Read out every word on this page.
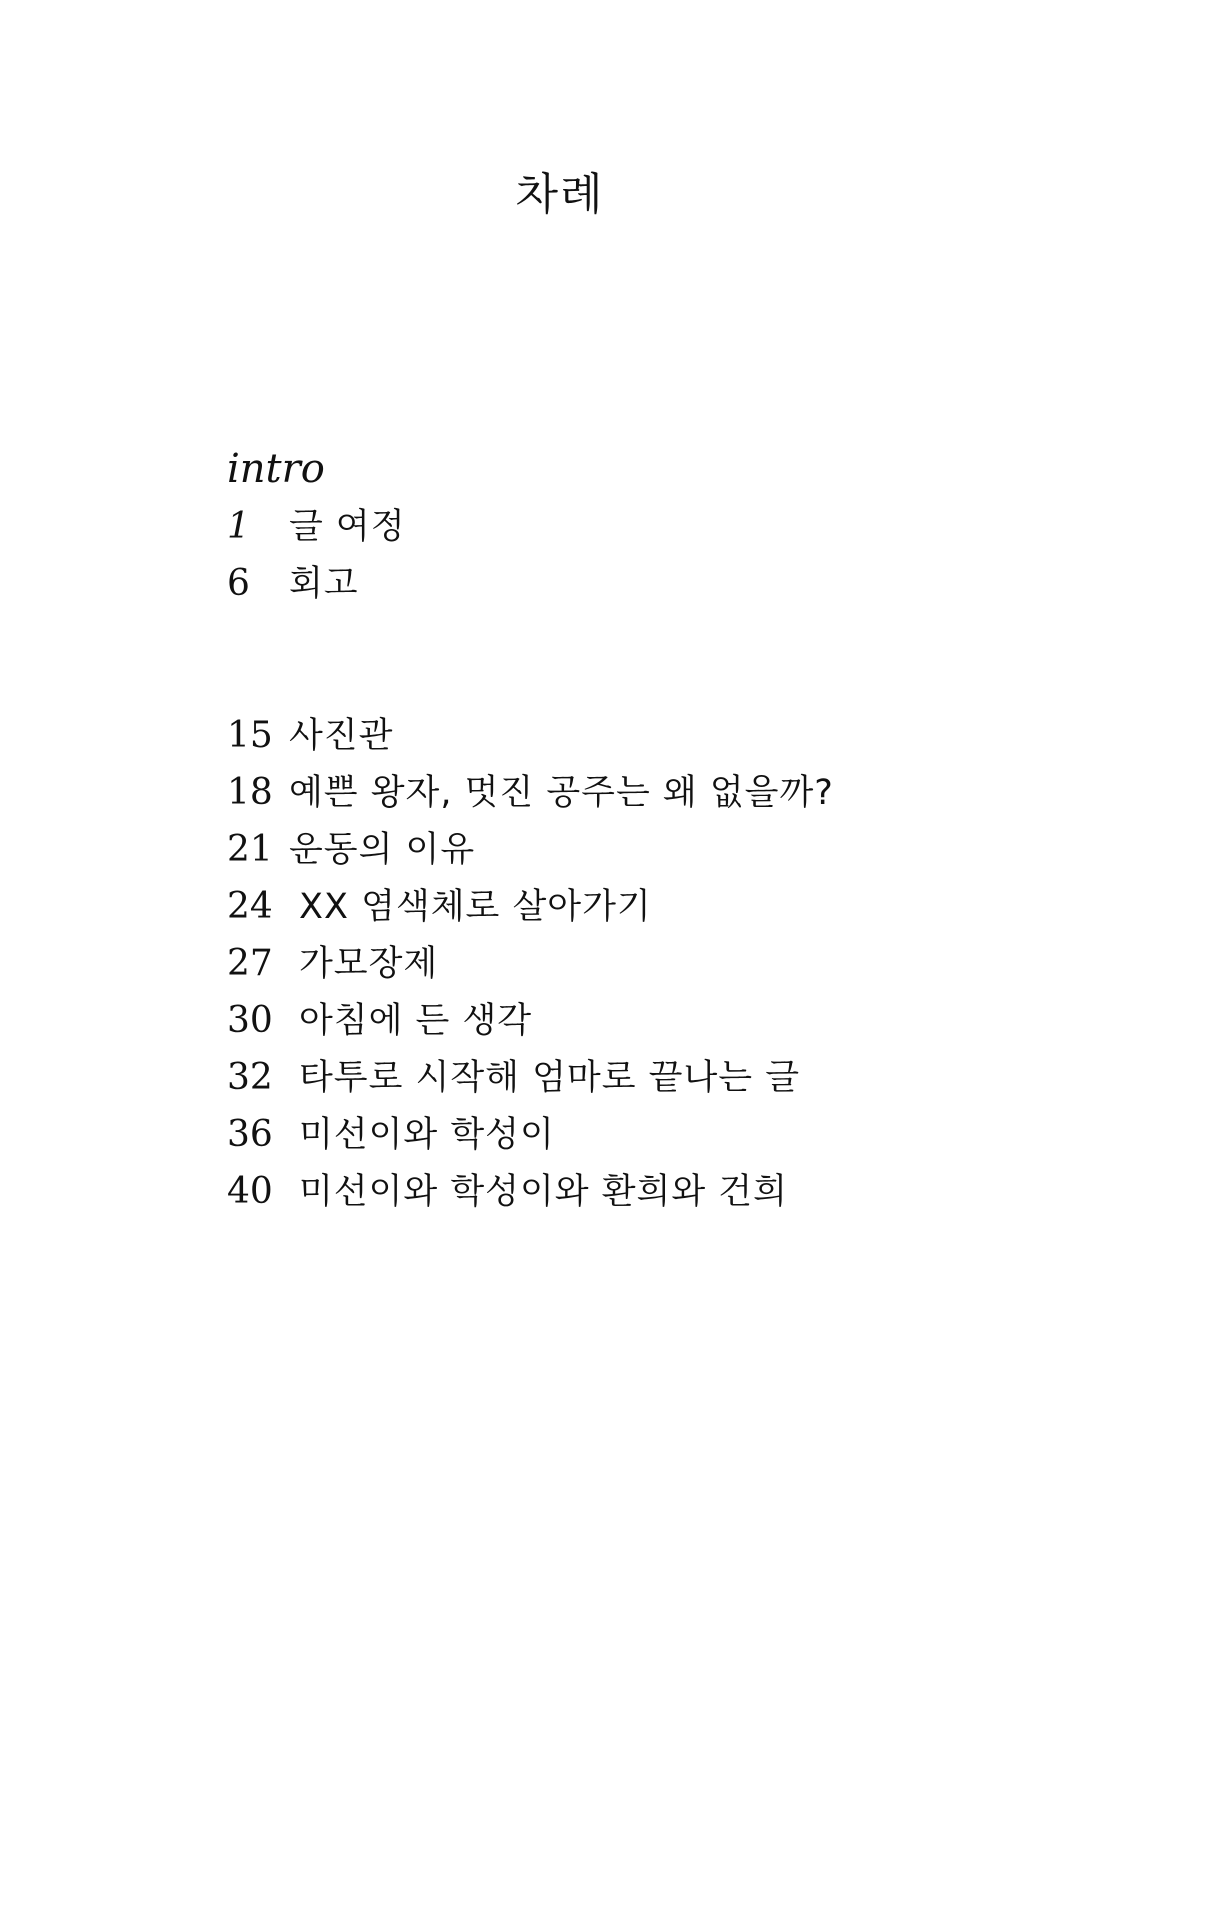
차례
intro
1	글 여정
6	회고
15 사진관
18 예쁜 왕자, 멋진 공주는 왜 없을까?
21 운동의 이유
24 XX 염색체로 살아가기
27 가모장제
30 아침에 든 생각
32 타투로 시작해 엄마로 끝나는 글
36 미선이와 학성이
40 미선이와 학성이와 환희와 건희
